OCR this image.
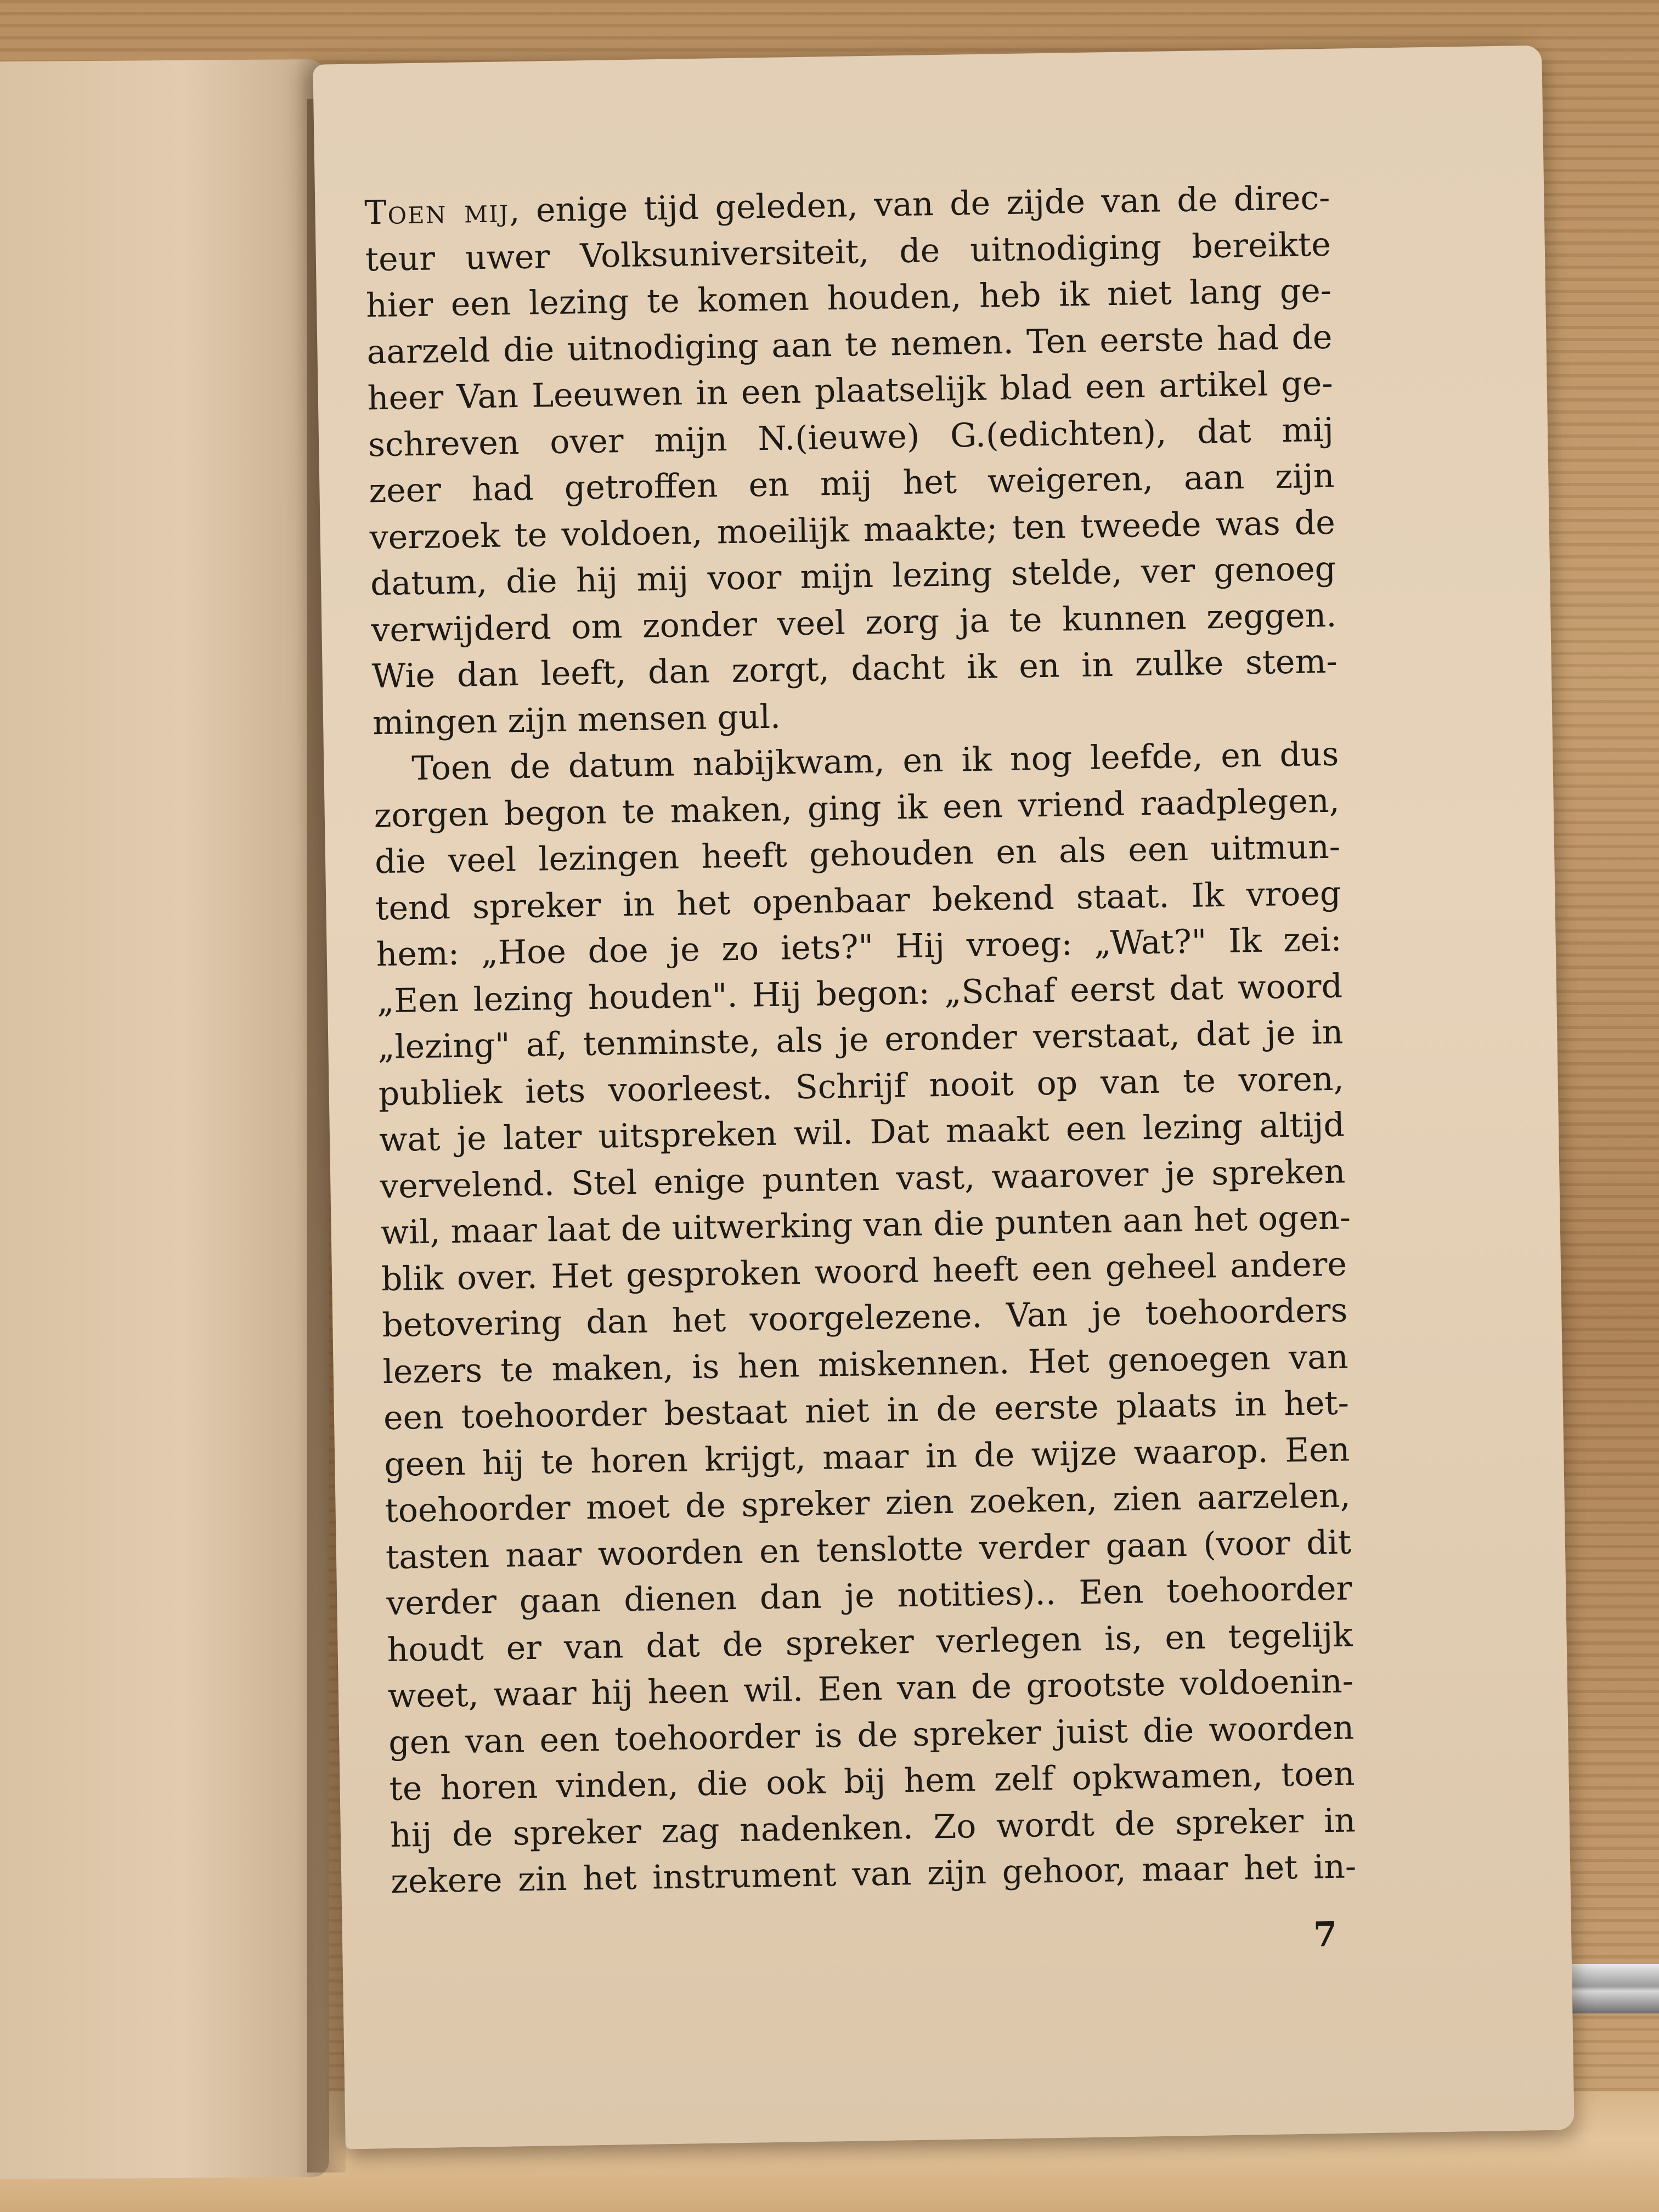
Toen mij, enige tijd geleden, van de zijde van de direc-
teur uwer Volksuniversiteit, de uitnodiging bereikte
hier een lezing te komen houden, heb ik niet lang ge-
aarzeld die uitnodiging aan te nemen. Ten eerste had de
heer Van Leeuwen in een plaatselijk blad een artikel ge-
schreven over mijn N.(ieuwe) G.(edichten), dat mij
zeer had getroffen en mij het weigeren, aan zijn
verzoek te voldoen, moeilijk maakte; ten tweede was de
datum, die hij mij voor mijn lezing stelde, ver genoeg
verwijderd om zonder veel zorg ja te kunnen zeggen.
Wie dan leeft, dan zorgt, dacht ik en in zulke stem-
mingen zijn mensen gul.
Toen de datum nabijkwam, en ik nog leefde, en dus
zorgen begon te maken, ging ik een vriend raadplegen,
die veel lezingen heeft gehouden en als een uitmun-
tend spreker in het openbaar bekend staat. Ik vroeg
hem: „Hoe doe je zo iets?" Hij vroeg: „Wat?" Ik zei:
„Een lezing houden". Hij begon: „Schaf eerst dat woord
„lezing" af, tenminste, als je eronder verstaat, dat je in
publiek iets voorleest. Schrijf nooit op van te voren,
wat je later uitspreken wil. Dat maakt een lezing altijd
vervelend. Stel enige punten vast, waarover je spreken
wil, maar laat de uitwerking van die punten aan het ogen-
blik over. Het gesproken woord heeft een geheel andere
betovering dan het voorgelezene. Van je toehoorders
lezers te maken, is hen miskennen. Het genoegen van
een toehoorder bestaat niet in de eerste plaats in het-
geen hij te horen krijgt, maar in de wijze waarop. Een
toehoorder moet de spreker zien zoeken, zien aarzelen,
tasten naar woorden en tenslotte verder gaan (voor dit
verder gaan dienen dan je notities).. Een toehoorder
houdt er van dat de spreker verlegen is, en tegelijk
weet, waar hij heen wil. Een van de grootste voldoenin-
gen van een toehoorder is de spreker juist die woorden
te horen vinden, die ook bij hem zelf opkwamen, toen
hij de spreker zag nadenken. Zo wordt de spreker in
zekere zin het instrument van zijn gehoor, maar het in-
7
